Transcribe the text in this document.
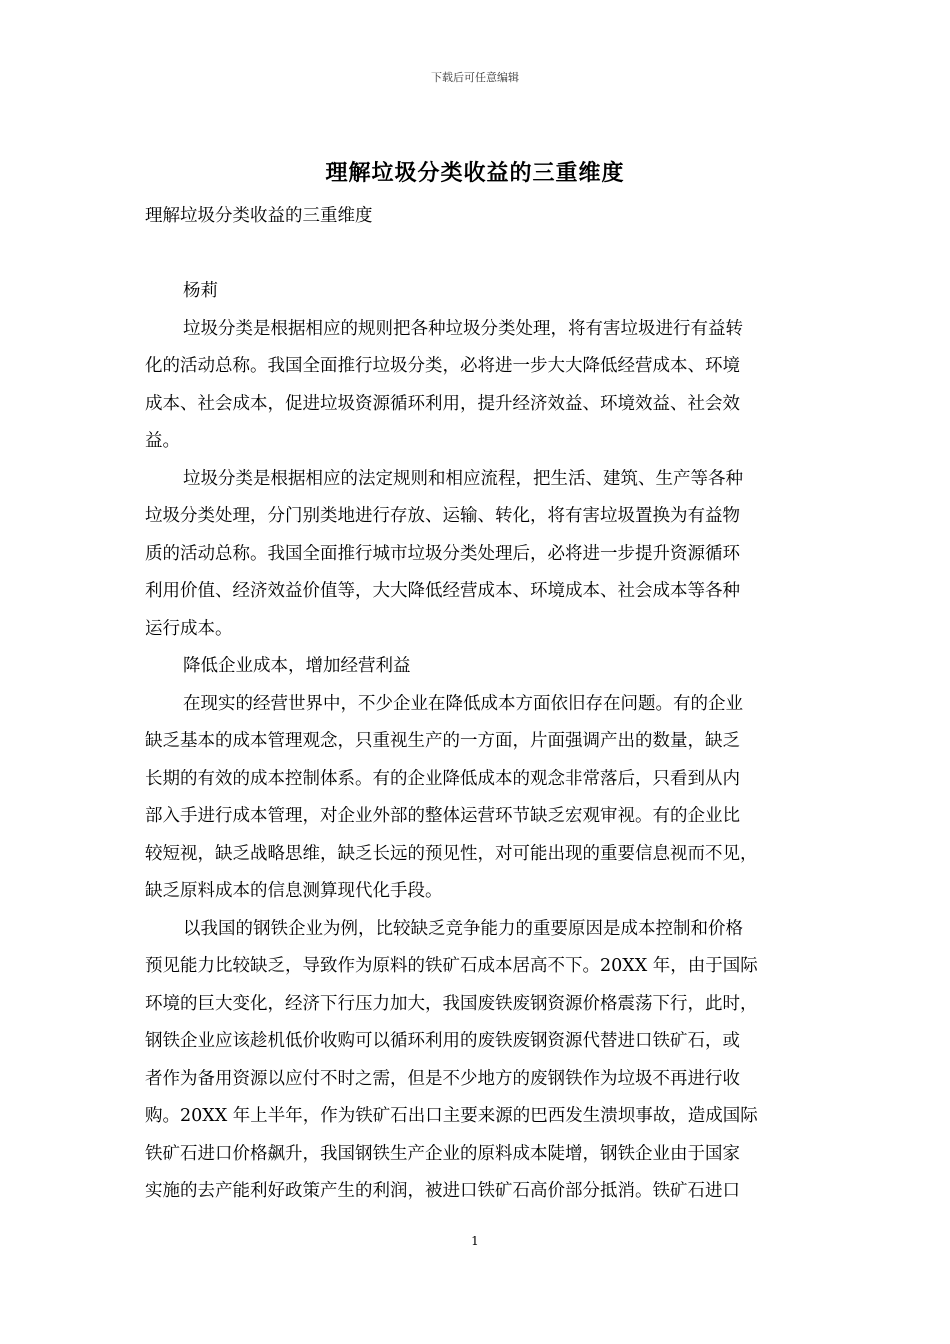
下载后可任意编辑
理解垃圾分类收益的三重维度
理解垃圾分类收益的三重维度
杨莉
垃圾分类是根据相应的规则把各种垃圾分类处理，将有害垃圾进行有益转
化的活动总称。我国全面推行垃圾分类，必将进一步大大降低经营成本、环境
成本、社会成本，促进垃圾资源循环利用，提升经济效益、环境效益、社会效
益。
垃圾分类是根据相应的法定规则和相应流程，把生活、建筑、生产等各种
垃圾分类处理，分门别类地进行存放、运输、转化，将有害垃圾置换为有益物
质的活动总称。我国全面推行城市垃圾分类处理后，必将进一步提升资源循环
利用价值、经济效益价值等，大大降低经营成本、环境成本、社会成本等各种
运行成本。
降低企业成本，增加经营利益
在现实的经营世界中，不少企业在降低成本方面依旧存在问题。有的企业
缺乏基本的成本管理观念，只重视生产的一方面，片面强调产出的数量，缺乏
长期的有效的成本控制体系。有的企业降低成本的观念非常落后，只看到从内
部入手进行成本管理，对企业外部的整体运营环节缺乏宏观审视。有的企业比
较短视，缺乏战略思维，缺乏长远的预见性，对可能出现的重要信息视而不见，
缺乏原料成本的信息测算现代化手段。
以我国的钢铁企业为例，比较缺乏竞争能力的重要原因是成本控制和价格
预见能力比较缺乏，导致作为原料的铁矿石成本居高不下。20XX 年，由于国际
环境的巨大变化，经济下行压力加大，我国废铁废钢资源价格震荡下行，此时，
钢铁企业应该趁机低价收购可以循环利用的废铁废钢资源代替进口铁矿石，或
者作为备用资源以应付不时之需，但是不少地方的废钢铁作为垃圾不再进行收
购。20XX 年上半年，作为铁矿石出口主要来源的巴西发生溃坝事故，造成国际
铁矿石进口价格飙升，我国钢铁生产企业的原料成本陡增，钢铁企业由于国家
实施的去产能利好政策产生的利润，被进口铁矿石高价部分抵消。铁矿石进口
1
